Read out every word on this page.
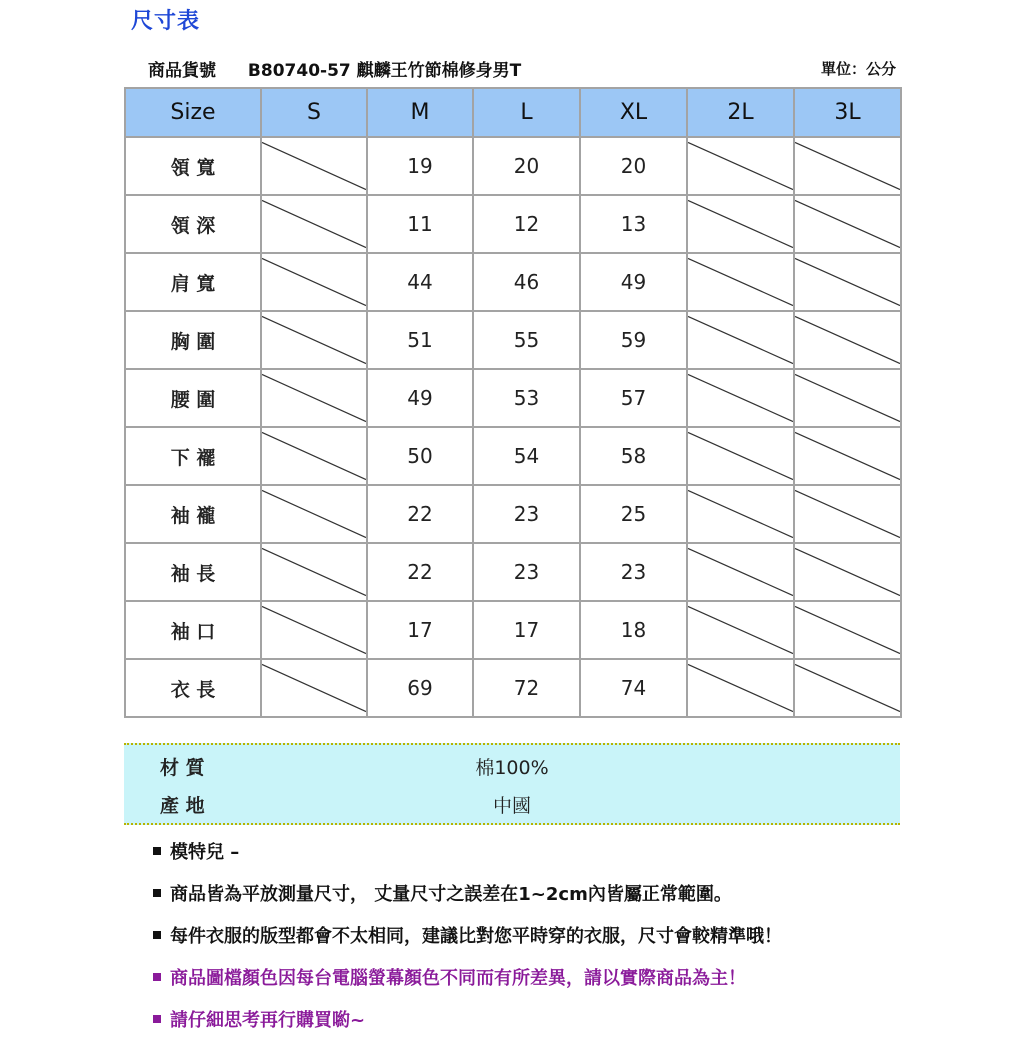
尺寸表
商品貨號 B80740-57 麒麟王竹節棉修身男T	單位：公分
Size	S	M	L	XL	2L	3L
領 寬		19	20	20	

領 深		11	12	13	

肩 寬		44	46	49	

胸 圍		51	55	59	

腰 圍		49	53	57	

下 襬		50	54	58	

袖 襱		22	23	25	

袖 長		22	23	23	

袖 口		17	17	18	

衣 長		69	72	74	

材 質	棉100%
產 地	中國
模特兒 –
商品皆為平放測量尺寸， 丈量尺寸之誤差在1~2cm內皆屬正常範圍。
每件衣服的版型都會不太相同，建議比對您平時穿的衣服，尺寸會較精準哦！
商品圖檔顏色因每台電腦螢幕顏色不同而有所差異，請以實際商品為主！
請仔細思考再行購買喲~
